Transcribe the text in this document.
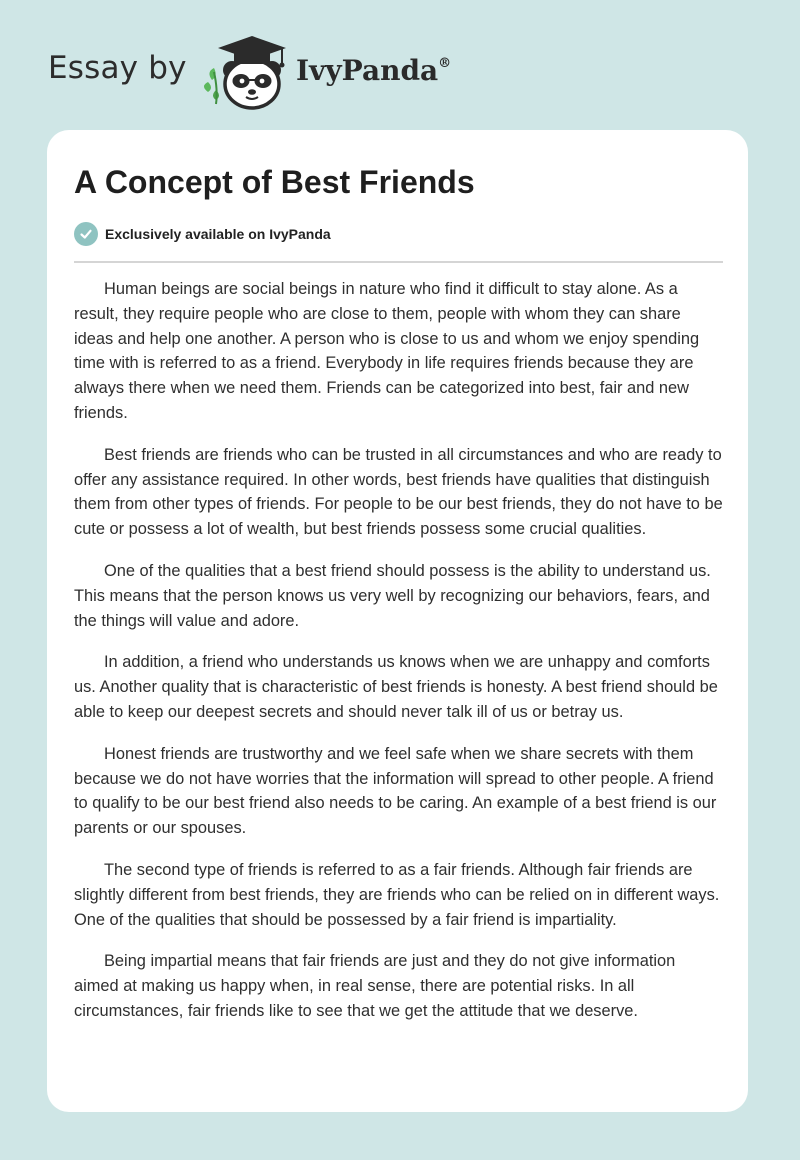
Essay by	IvyPanda®
A Concept of Best Friends
Exclusively available on IvyPanda

Human beings are social beings in nature who find it difficult to stay alone. As a result, they require people who are close to them, people with whom they can share ideas and help one another. A person who is close to us and whom we enjoy spending time with is referred to as a friend. Everybody in life requires friends because they are always there when we need them. Friends can be categorized into best, fair and new friends.

Best friends are friends who can be trusted in all circumstances and who are ready to offer any assistance required. In other words, best friends have qualities that distinguish them from other types of friends. For people to be our best friends, they do not have to be cute or possess a lot of wealth, but best friends possess some crucial qualities.

One of the qualities that a best friend should possess is the ability to understand us. This means that the person knows us very well by recognizing our behaviors, fears, and the things will value and adore.

In addition, a friend who understands us knows when we are unhappy and comforts us. Another quality that is characteristic of best friends is honesty. A best friend should be able to keep our deepest secrets and should never talk ill of us or betray us.

Honest friends are trustworthy and we feel safe when we share secrets with them because we do not have worries that the information will spread to other people. A friend to qualify to be our best friend also needs to be caring. An example of a best friend is our parents or our spouses.

The second type of friends is referred to as a fair friends. Although fair friends are slightly different from best friends, they are friends who can be relied on in different ways. One of the qualities that should be possessed by a fair friend is impartiality.

Being impartial means that fair friends are just and they do not give information aimed at making us happy when, in real sense, there are potential risks. In all circumstances, fair friends like to see that we get the attitude that we deserve.
